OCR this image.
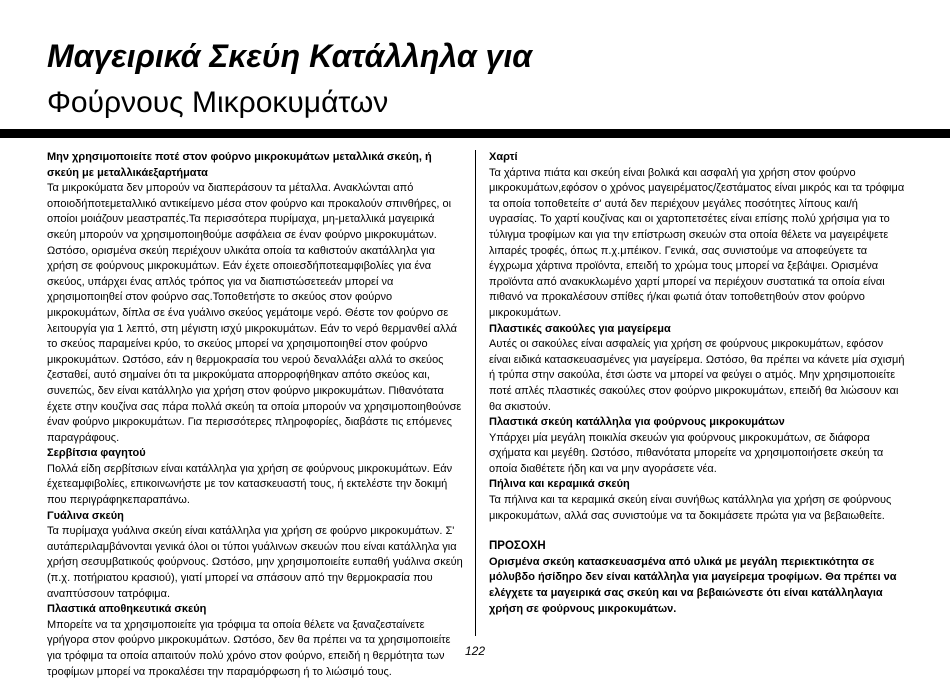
Μαγειρικά Σκεύη Κατάλληλα για
Φούρνους Μικροκυμάτων

Μην χρησιμοποιείτε ποτέ στον φούρνο μικροκυμάτων μεταλλικά σκεύη, ή σκεύη με μεταλλικάεξαρτήματα

Τα μικροκύματα δεν μπορούν να διαπεράσουν τα μέταλλα. Ανακλώνται από οποιοδήποτεμεταλλικό αντικείμενο μέσα στον φούρνο και προκαλούν σπινθήρες, οι οποίοι μοιάζουν μεαστραπές.Τα περισσότερα πυρίμαχα, μη-μεταλλικά μαγειρικά σκεύη μπορούν να χρησιμοποιηθούμε ασφάλεια σε έναν φούρνο μικροκυμάτων. Ωστόσο, ορισμένα σκεύη περιέχουν υλικάτα οποία τα καθιστούν ακατάλληλα για χρήση σε φούρνους μικροκυμάτων. Εάν έχετε οποιεσδήποτεαμφιβολίες για ένα σκεύος, υπάρχει ένας απλός τρόπος για να διαπιστώσετεεάν μπορεί να χρησιμοποιηθεί στον φούρνο σας.Τοποθετήστε το σκεύος στον φούρνο μικροκυμάτων, δίπλα σε ένα γυάλινο σκεύος γεμάτοιμε νερό. Θέστε τον φούρνο σε λειτουργία για 1 λεπτό, στη μέγιστη ισχύ μικροκυμάτων. Εάν το νερό θερμανθεί αλλά το σκεύος παραμείνει κρύο, το σκεύος μπορεί να χρησιμοποιηθεί στον φούρνο μικροκυμάτων. Ωστόσο, εάν η θερμοκρασία του νερού δεναλλάξει αλλά το σκεύος ζεσταθεί, αυτό σημαίνει ότι τα μικροκύματα απορροφήθηκαν απότο σκεύος και, συνεπώς, δεν είναι κατάλληλο για χρήση στον φούρνο μικροκυμάτων. Πιθανότατα έχετε στην κουζίνα σας πάρα πολλά σκεύη τα οποία μπορούν να χρησιμοποιηθούνσε έναν φούρνο μικροκυμάτων. Για περισσότερες πληροφορίες, διαβάστε τις επόμενες παραγράφους.

Σερβίτσια φαγητού

Πολλά είδη σερβίτσιων είναι κατάλληλα για χρήση σε φούρνους μικροκυμάτων. Εάν έχετεαμφιβολίες, επικοινωνήστε με τον κατασκευαστή τους, ή εκτελέστε την δοκιμή που περιγράφηκεπαραπάνω.

Γυάλινα σκεύη

Τα πυρίμαχα γυάλινα σκεύη είναι κατάλληλα για χρήση σε φούρνο μικροκυμάτων. Σ' αυτάπεριλαμβάνονται γενικά όλοι οι τύποι γυάλινων σκευών που είναι κατάλληλα για χρήση σεσυμβατικούς φούρνους. Ωστόσο, μην χρησιμοποιείτε ευπαθή γυάλινα σκεύη (π.χ. ποτήριατου κρασιού), γιατί μπορεί να σπάσουν από την θερμοκρασία που αναπτύσσουν τατρόφιμα.

Πλαστικά αποθηκευτικά σκεύη

Μπορείτε να τα χρησιμοποιείτε για τρόφιμα τα οποία θέλετε να ξαναζεσταίνετε γρήγορα στον φούρνο μικροκυμάτων. Ωστόσο, δεν θα πρέπει να τα χρησιμοποιείτε για τρόφιμα τα οποία απαιτούν πολύ χρόνο στον φούρνο, επειδή η θερμότητα των τροφίμων μπορεί να προκαλέσει την παραμόρφωση ή το λιώσιμό τους.

Χαρτί

Τα χάρτινα πιάτα και σκεύη είναι βολικά και ασφαλή για χρήση στον φούρνο μικροκυμάτων,εφόσον ο χρόνος μαγειρέματος/ζεστάματος είναι μικρός και τα τρόφιμα τα οποία τοποθετείτε σ' αυτά δεν περιέχουν μεγάλες ποσότητες λίπους και/ή υγρασίας. Το χαρτί κουζίνας και οι χαρτοπετσέτες είναι επίσης πολύ χρήσιμα για το τύλιγμα τροφίμων και για την επίστρωση σκευών στα οποία θέλετε να μαγειρέψετε λιπαρές τροφές, όπως π.χ.μπέικον. Γενικά, σας συνιστούμε να αποφεύγετε τα έγχρωμα χάρτινα προϊόντα, επειδή το χρώμα τους μπορεί να ξεβάψει. Ορισμένα προϊόντα από ανακυκλωμένο χαρτί μπορεί να περιέχουν συστατικά τα οποία είναι πιθανό να προκαλέσουν σπίθες ή/και φωτιά όταν τοποθετηθούν στον φούρνο μικροκυμάτων.

Πλαστικές σακούλες για μαγείρεμα

Αυτές οι σακούλες είναι ασφαλείς για χρήση σε φούρνους μικροκυμάτων, εφόσον είναι ειδικά κατασκευασμένες για μαγείρεμα. Ωστόσο, θα πρέπει να κάνετε μία σχισμή ή τρύπα στην σακούλα, έτσι ώστε να μπορεί να φεύγει ο ατμός. Μην χρησιμοποιείτε ποτέ απλές πλαστικές σακούλες στον φούρνο μικροκυμάτων, επειδή θα λιώσουν και θα σκιστούν.

Πλαστικά σκεύη κατάλληλα για φούρνους μικροκυμάτων

Υπάρχει μία μεγάλη ποικιλία σκευών για φούρνους μικροκυμάτων, σε διάφορα σχήματα και μεγέθη. Ωστόσο, πιθανότατα μπορείτε να χρησιμοποιήσετε σκεύη τα οποία διαθέτετε ήδη και να μην αγοράσετε νέα.

Πήλινα και κεραμικά σκεύη

Τα πήλινα και τα κεραμικά σκεύη είναι συνήθως κατάλληλα για χρήση σε φούρνους μικροκυμάτων, αλλά σας συνιστούμε να τα δοκιμάσετε πρώτα για να βεβαιωθείτε.

ΠΡΟΣΟΧΗ

Ορισμένα σκεύη κατασκευασμένα από υλικά με μεγάλη περιεκτικότητα σε μόλυβδο ήσίδηρο δεν είναι κατάλληλα για μαγείρεμα τροφίμων. Θα πρέπει να ελέγχετε τα μαγειρικά σας σκεύη και να βεβαιώνεστε ότι είναι κατάλληλαγια χρήση σε φούρνους μικροκυμάτων.

122
